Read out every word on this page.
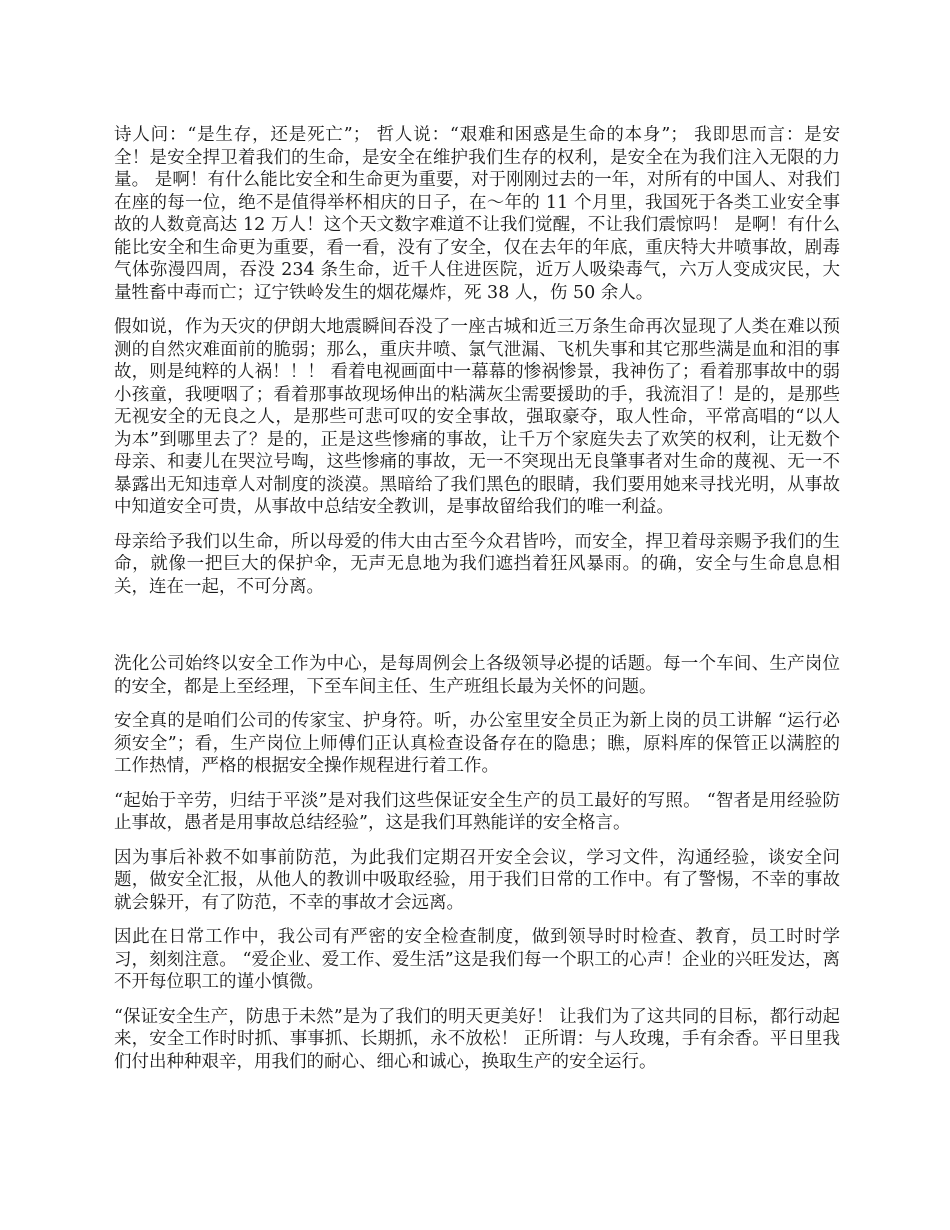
诗人问：“是生存，还是死亡”； 哲人说：“艰难和困惑是生命的本身”； 我即思而言：是安全！是安全捍卫着我们的生命，是安全在维护我们生存的权利，是安全在为我们注入无限的力量。 是啊！有什么能比安全和生命更为重要，对于刚刚过去的一年，对所有的中国人、对我们在座的每一位，绝不是值得举杯相庆的日子，在～年的 11 个月里，我国死于各类工业安全事故的人数竟高达 12 万人！这个天文数字难道不让我们觉醒，不让我们震惊吗！ 是啊！有什么能比安全和生命更为重要，看一看，没有了安全，仅在去年的年底，重庆特大井喷事故，剧毒气体弥漫四周，吞没 234 条生命，近千人住进医院，近万人吸染毒气，六万人变成灾民，大量牲畜中毒而亡；辽宁铁岭发生的烟花爆炸，死 38 人，伤 50 余人。

假如说，作为天灾的伊朗大地震瞬间吞没了一座古城和近三万条生命再次显现了人类在难以预测的自然灾难面前的脆弱；那么，重庆井喷、氯气泄漏、飞机失事和其它那些满是血和泪的事故，则是纯粹的人祸！！！ 看着电视画面中一幕幕的惨祸惨景，我神伤了；看着那事故中的弱小孩童，我哽咽了；看着那事故现场伸出的粘满灰尘需要援助的手，我流泪了！是的，是那些无视安全的无良之人，是那些可悲可叹的安全事故，强取豪夺，取人性命，平常高唱的“以人为本”到哪里去了？是的，正是这些惨痛的事故，让千万个家庭失去了欢笑的权利，让无数个母亲、和妻儿在哭泣号啕，这些惨痛的事故，无一不突现出无良肇事者对生命的蔑视、无一不暴露出无知违章人对制度的淡漠。黑暗给了我们黑色的眼睛，我们要用她来寻找光明，从事故中知道安全可贵，从事故中总结安全教训，是事故留给我们的唯一利益。

母亲给予我们以生命，所以母爱的伟大由古至今众君皆吟，而安全，捍卫着母亲赐予我们的生命，就像一把巨大的保护伞，无声无息地为我们遮挡着狂风暴雨。的确，安全与生命息息相关，连在一起，不可分离。

洗化公司始终以安全工作为中心，是每周例会上各级领导必提的话题。每一个车间、生产岗位的安全，都是上至经理，下至车间主任、生产班组长最为关怀的问题。

安全真的是咱们公司的传家宝、护身符。听，办公室里安全员正为新上岗的员工讲解 “运行必须安全”；看，生产岗位上师傅们正认真检查设备存在的隐患；瞧，原料库的保管正以满腔的工作热情，严格的根据安全操作规程进行着工作。

“起始于辛劳，归结于平淡”是对我们这些保证安全生产的员工最好的写照。 “智者是用经验防止事故，愚者是用事故总结经验”，这是我们耳熟能详的安全格言。

因为事后补救不如事前防范，为此我们定期召开安全会议，学习文件，沟通经验，谈安全问题，做安全汇报，从他人的教训中吸取经验，用于我们日常的工作中。有了警惕，不幸的事故就会躲开，有了防范，不幸的事故才会远离。

因此在日常工作中，我公司有严密的安全检查制度，做到领导时时检查、教育，员工时时学习，刻刻注意。 “爱企业、爱工作、爱生活”这是我们每一个职工的心声！企业的兴旺发达，离不开每位职工的谨小慎微。

“保证安全生产，防患于未然”是为了我们的明天更美好！ 让我们为了这共同的目标，都行动起来，安全工作时时抓、事事抓、长期抓，永不放松！ 正所谓：与人玫瑰，手有余香。平日里我们付出种种艰辛，用我们的耐心、细心和诚心，换取生产的安全运行。
